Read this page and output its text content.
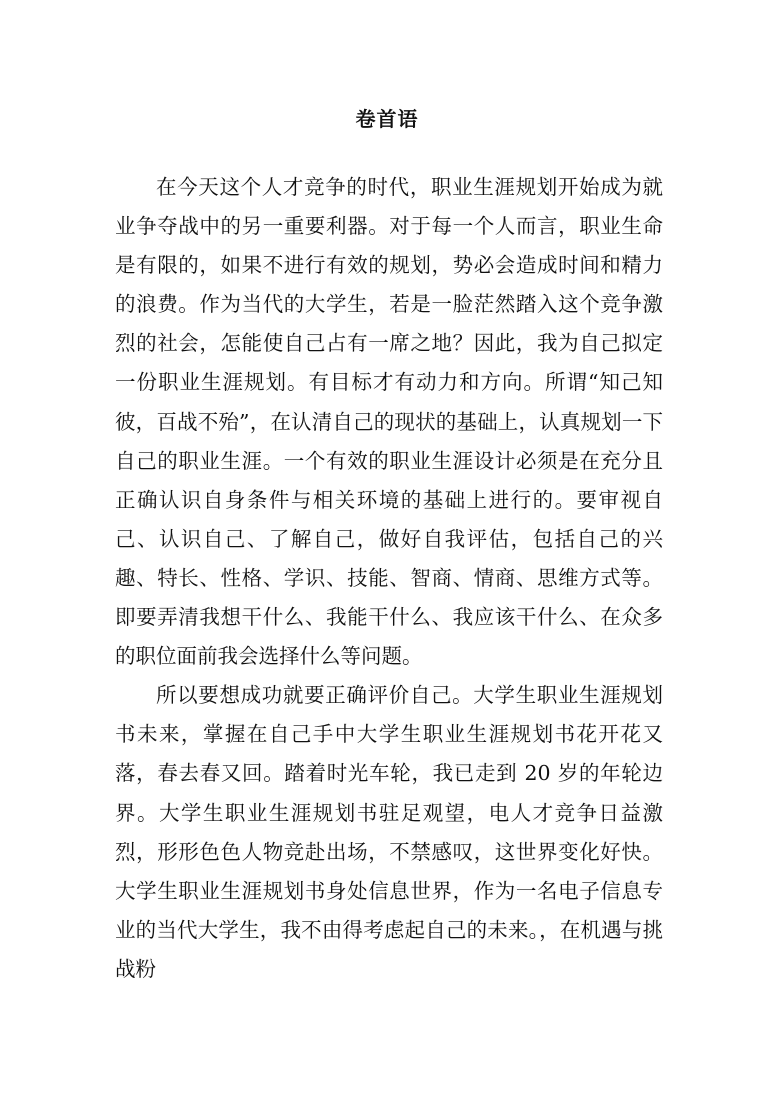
卷首语

在今天这个人才竞争的时代，职业生涯规划开始成为就业争夺战中的另一重要利器。对于每一个人而言，职业生命是有限的，如果不进行有效的规划，势必会造成时间和精力的浪费。作为当代的大学生，若是一脸茫然踏入这个竞争激烈的社会，怎能使自己占有一席之地？因此，我为自己拟定一份职业生涯规划。有目标才有动力和方向。所谓“知己知彼，百战不殆”，在认清自己的现状的基础上，认真规划一下自己的职业生涯。一个有效的职业生涯设计必须是在充分且正确认识自身条件与相关环境的基础上进行的。要审视自己、认识自己、了解自己，做好自我评估，包括自己的兴趣、特长、性格、学识、技能、智商、情商、思维方式等。即要弄清我想干什么、我能干什么、我应该干什么、在众多的职位面前我会选择什么等问题。

所以要想成功就要正确评价自己。大学生职业生涯规划书未来，掌握在自己手中大学生职业生涯规划书花开花又落，春去春又回。踏着时光车轮，我已走到 20 岁的年轮边界。大学生职业生涯规划书驻足观望，电人才竞争日益激烈，形形色色人物竞赴出场，不禁感叹，这世界变化好快。大学生职业生涯规划书身处信息世界，作为一名电子信息专业的当代大学生，我不由得考虑起自己的未来。，在机遇与挑战粉
